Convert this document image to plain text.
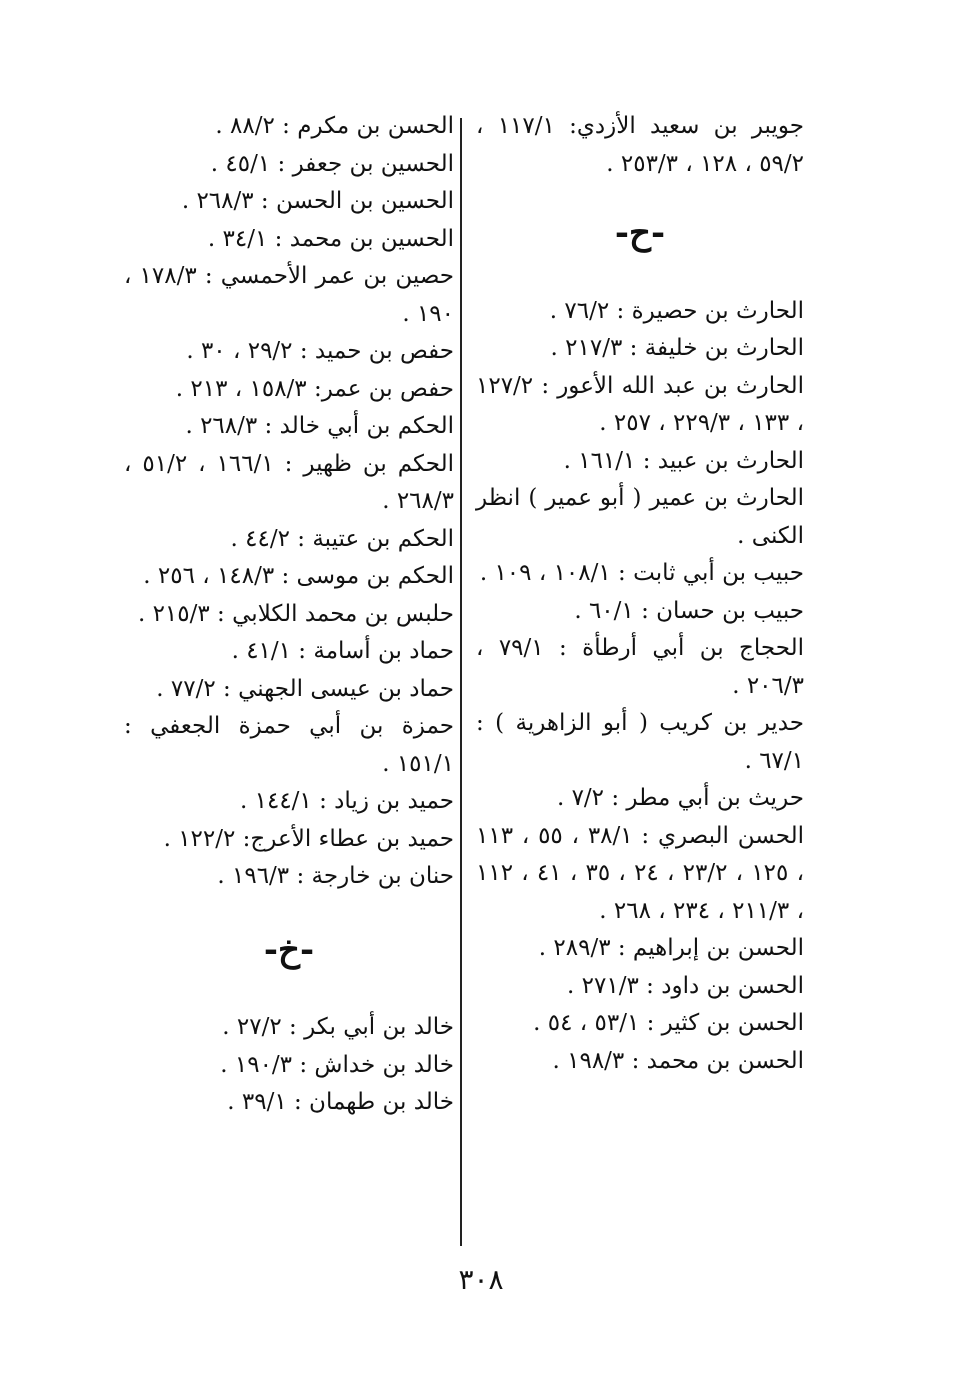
جويبر بن سعيد الأزدي: ١١٧/١ ، ٥٩/٢ ، ١٢٨ ، ٢٥٣/٣ .
-ح-
الحارث بن حصيرة : ٧٦/٢ .
الحارث بن خليفة : ٢١٧/٣ .
الحارث بن عبد الله الأعور : ١٢٧/٢ ، ١٣٣ ، ٢٢٩/٣ ، ٢٥٧ .
الحارث بن عبيد : ١٦١/١ .
الحارث بن عمير ( أبو عمير ) انظر الكنى .
حبيب بن أبي ثابت : ١٠٨/١ ، ١٠٩ .
حبيب بن حسان : ٦٠/١ .
الحجاج بن أبي أرطأة : ٧٩/١ ، ٢٠٦/٣ .
حدير بن كريب ( أبو الزاهرية ) : ٦٧/١ .
حريث بن أبي مطر : ٧/٢ .
الحسن البصري : ٣٨/١ ، ٥٥ ، ١١٣ ، ١٢٥ ، ٢٣/٢ ، ٢٤ ، ٣٥ ، ٤١ ، ١١٢ ، ٢١١/٣ ، ٢٣٤ ، ٢٦٨ .
الحسن بن إبراهيم : ٢٨٩/٣ .
الحسن بن داود : ٢٧١/٣ .
الحسن بن كثير : ٥٣/١ ، ٥٤ .
الحسن بن محمد : ١٩٨/٣ .
الحسن بن مكرم : ٨٨/٢ .
الحسين بن جعفر : ٤٥/١ .
الحسين بن الحسن : ٢٦٨/٣ .
الحسين بن محمد : ٣٤/١ .
حصين بن عمر الأحمسي : ١٧٨/٣ ، ١٩٠ .
حفص بن حميد : ٢٩/٢ ، ٣٠ .
حفص بن عمر: ١٥٨/٣ ، ٢١٣ .
الحكم بن أبي خالد : ٢٦٨/٣ .
الحكم بن ظهير : ١٦٦/١ ، ٥١/٢ ، ٢٦٨/٣ .
الحكم بن عتيبة : ٤٤/٢ .
الحكم بن موسى : ١٤٨/٣ ، ٢٥٦ .
حلبس بن محمد الكلابي : ٢١٥/٣ .
حماد بن أسامة : ٤١/١ .
حماد بن عيسى الجهني : ٧٧/٢ .
حمزة بن أبي حمزة الجعفي : ١٥١/١ .
حميد بن زياد : ١٤٤/١ .
حميد بن عطاء الأعرج: ١٢٢/٢ .
حنان بن خارجة : ١٩٦/٣ .
-خ-
خالد بن أبي بكر : ٢٧/٢ .
خالد بن خداش : ١٩٠/٣ .
خالد بن طهمان : ٣٩/١ .
٣٠٨
